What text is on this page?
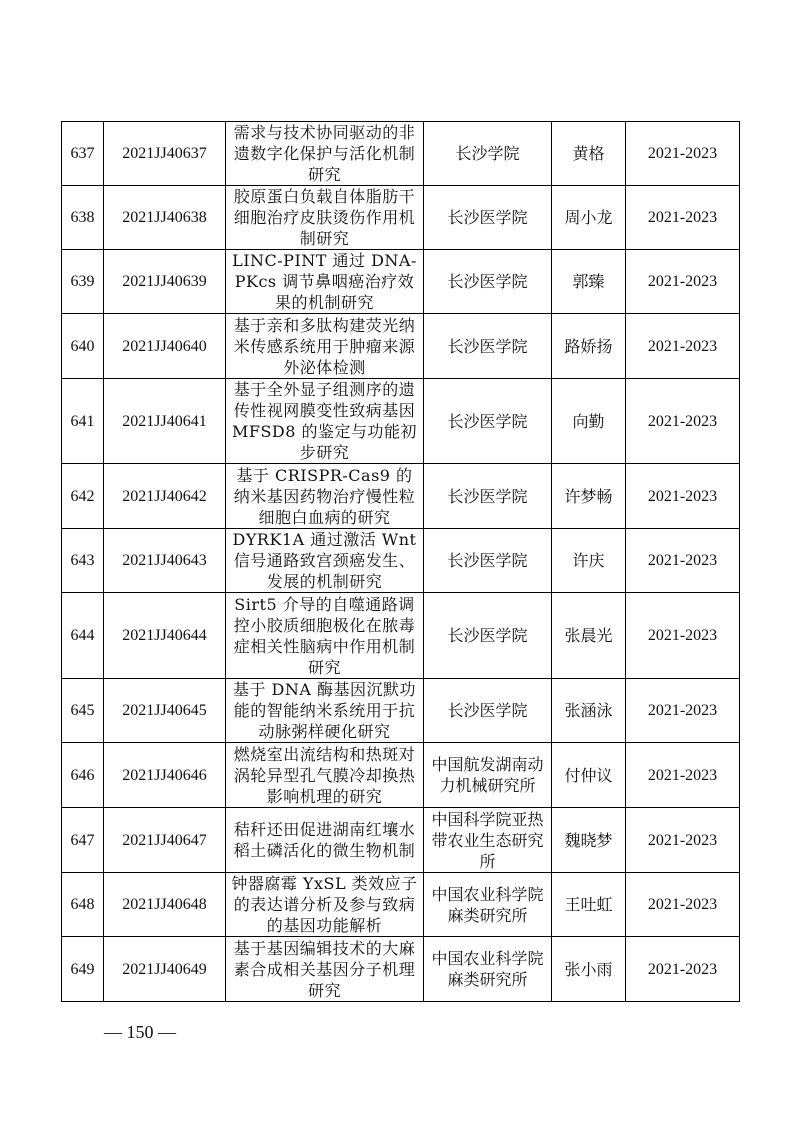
637	2021JJ40637	需求与技术协同驱动的非遗数字化保护与活化机制研究	长沙学院	黄格	2021-2023
638	2021JJ40638	胶原蛋白负载自体脂肪干细胞治疗皮肤烫伤作用机制研究	长沙医学院	周小龙	2021-2023
639	2021JJ40639	LINC-PINT 通过 DNA-PKcs 调节鼻咽癌治疗效果的机制研究	长沙医学院	郭臻	2021-2023
640	2021JJ40640	基于亲和多肽构建荧光纳米传感系统用于肿瘤来源外泌体检测	长沙医学院	路娇扬	2021-2023
641	2021JJ40641	基于全外显子组测序的遗传性视网膜变性致病基因 MFSD8 的鉴定与功能初步研究	长沙医学院	向勤	2021-2023
642	2021JJ40642	基于 CRISPR-Cas9 的纳米基因药物治疗慢性粒细胞白血病的研究	长沙医学院	许梦畅	2021-2023
643	2021JJ40643	DYRK1A 通过激活 Wnt 信号通路致宫颈癌发生、发展的机制研究	长沙医学院	许庆	2021-2023
644	2021JJ40644	Sirt5 介导的自噬通路调控小胶质细胞极化在脓毒症相关性脑病中作用机制研究	长沙医学院	张晨光	2021-2023
645	2021JJ40645	基于 DNA 酶基因沉默功能的智能纳米系统用于抗动脉粥样硬化研究	长沙医学院	张涵泳	2021-2023
646	2021JJ40646	燃烧室出流结构和热斑对涡轮异型孔气膜冷却换热影响机理的研究	中国航发湖南动力机械研究所	付仲议	2021-2023
647	2021JJ40647	秸秆还田促进湖南红壤水稻土磷活化的微生物机制	中国科学院亚热带农业生态研究所	魏晓梦	2021-2023
648	2021JJ40648	钟器腐霉 YxSL 类效应子的表达谱分析及参与致病的基因功能解析	中国农业科学院麻类研究所	王吐虹	2021-2023
649	2021JJ40649	基于基因编辑技术的大麻素合成相关基因分子机理研究	中国农业科学院麻类研究所	张小雨	2021-2023
— 150 —
